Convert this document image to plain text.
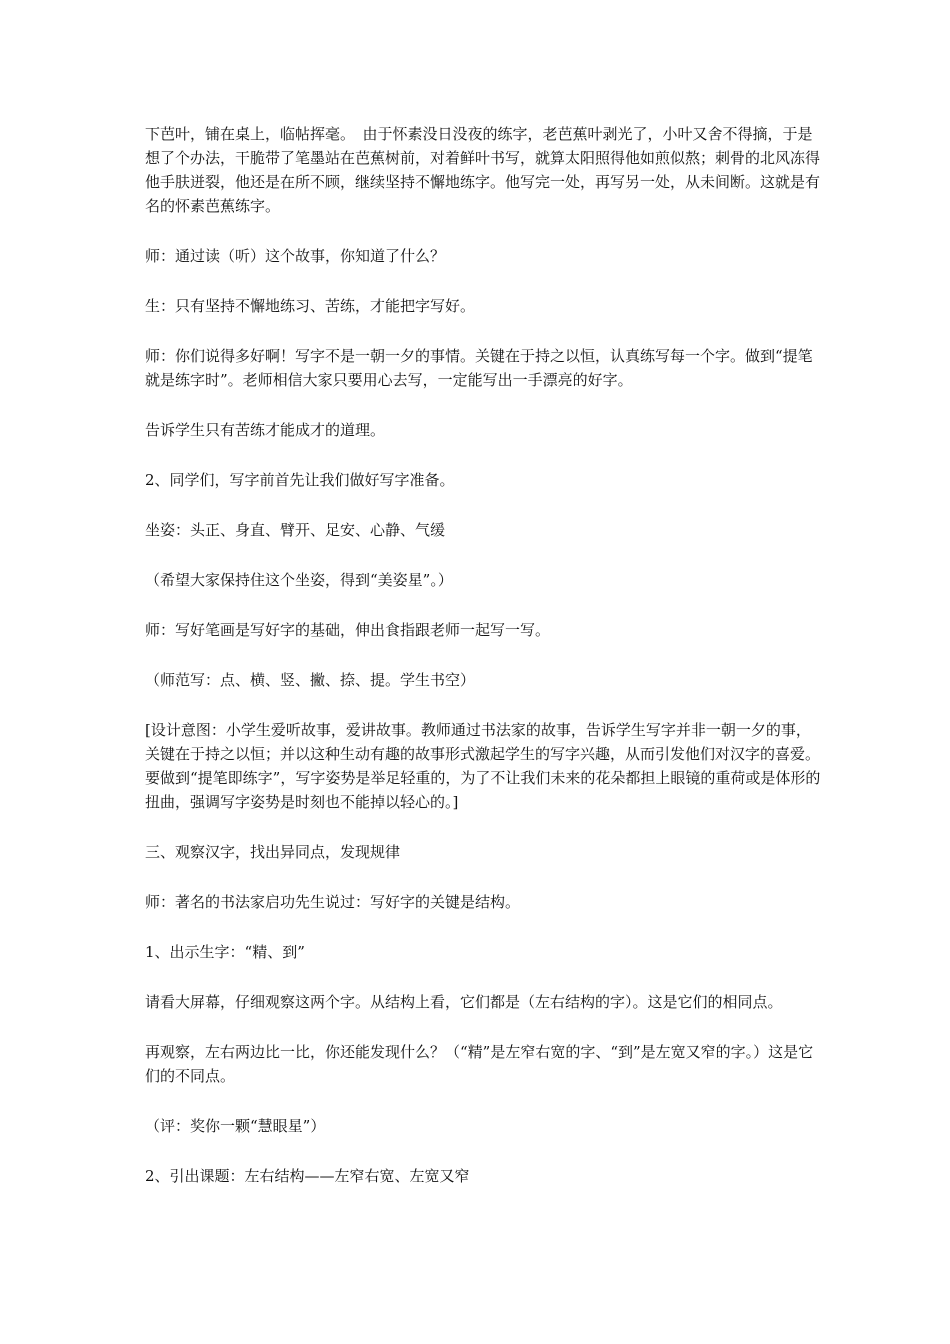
下芭叶，铺在桌上，临帖挥毫。　由于怀素没日没夜的练字，老芭蕉叶剥光了，小叶又舍不得摘，于是想了个办法，干脆带了笔墨站在芭蕉树前，对着鲜叶书写，就算太阳照得他如煎似熬；刺骨的北风冻得他手肤迸裂，他还是在所不顾，继续坚持不懈地练字。他写完一处，再写另一处，从未间断。这就是有名的怀素芭蕉练字。

师：通过读（听）这个故事，你知道了什么？

生：只有坚持不懈地练习、苦练，才能把字写好。

师：你们说得多好啊！写字不是一朝一夕的事情。关键在于持之以恒，认真练写每一个字。做到“提笔就是练字时”。老师相信大家只要用心去写，一定能写出一手漂亮的好字。

告诉学生只有苦练才能成才的道理。

2、同学们，写字前首先让我们做好写字准备。

坐姿：头正、身直、臂开、足安、心静、气缓

（希望大家保持住这个坐姿，得到“美姿星”。）

师：写好笔画是写好字的基础，伸出食指跟老师一起写一写。

（师范写：点、横、竖、撇、捺、提。学生书空）

[设计意图：小学生爱听故事，爱讲故事。教师通过书法家的故事，告诉学生写字并非一朝一夕的事，关键在于持之以恒；并以这种生动有趣的故事形式激起学生的写字兴趣，从而引发他们对汉字的喜爱。要做到“提笔即练字”，写字姿势是举足轻重的，为了不让我们未来的花朵都担上眼镜的重荷或是体形的扭曲，强调写字姿势是时刻也不能掉以轻心的。]

三、观察汉字，找出异同点，发现规律

师：著名的书法家启功先生说过：写好字的关键是结构。

1、出示生字：“精、到”

请看大屏幕，仔细观察这两个字。从结构上看，它们都是（左右结构的字）。这是它们的相同点。

再观察，左右两边比一比，你还能发现什么？（“精”是左窄右宽的字、“到”是左宽又窄的字。）这是它们的不同点。

（评：奖你一颗“慧眼星”）

2、引出课题：左右结构——左窄右宽、左宽又窄
